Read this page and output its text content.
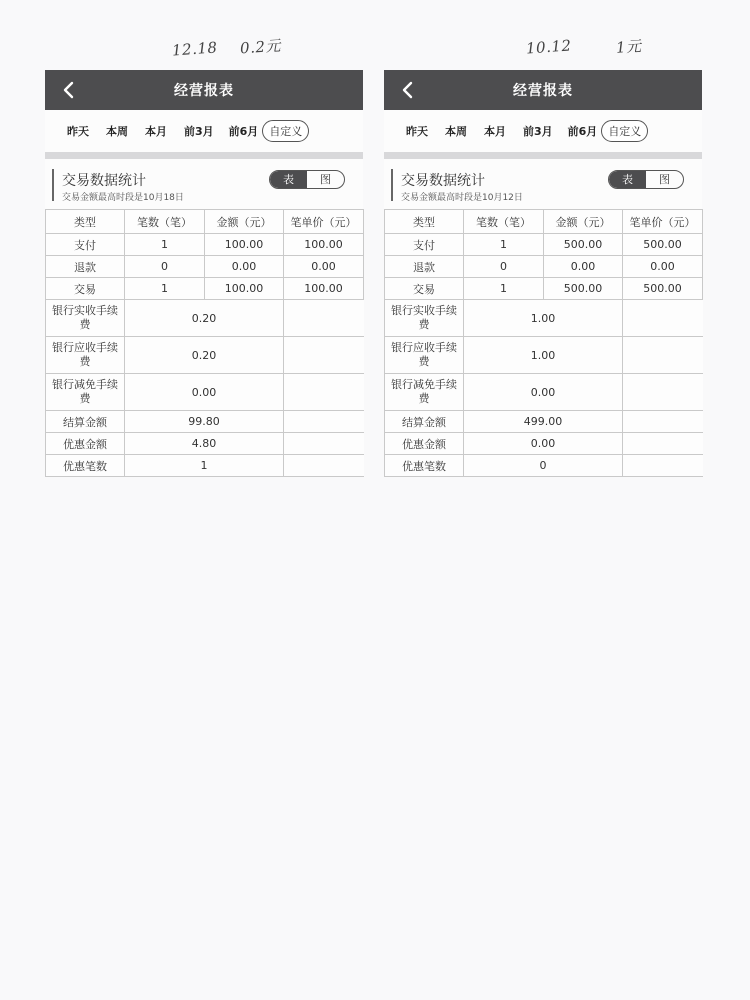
12.18 0.2元	10.12	1元
经营报表
昨天 本周 本月 前3月 前6月	自定义
交易数据统计
交易金额最高时段是10月18日
表	图
类型	笔数（笔）	金额（元）	笔单价（元）
支付	1	100.00	100.00
退款	0	0.00	0.00
交易	1	100.00	100.00
银行实收手续费	0.20		
银行应收手续费	0.20		
银行减免手续费	0.00		
结算金额	99.80		
优惠金额	4.80		
优惠笔数	1		
经营报表
昨天 本周 本月 前3月 前6月	自定义
交易数据统计
交易金额最高时段是10月12日
表	图
类型	笔数（笔）	金额（元）	笔单价（元）
支付	1	500.00	500.00
退款	0	0.00	0.00
交易	1	500.00	500.00
银行实收手续费	1.00		
银行应收手续费	1.00		
银行减免手续费	0.00		
结算金额	499.00		
优惠金额	0.00		
优惠笔数	0		
